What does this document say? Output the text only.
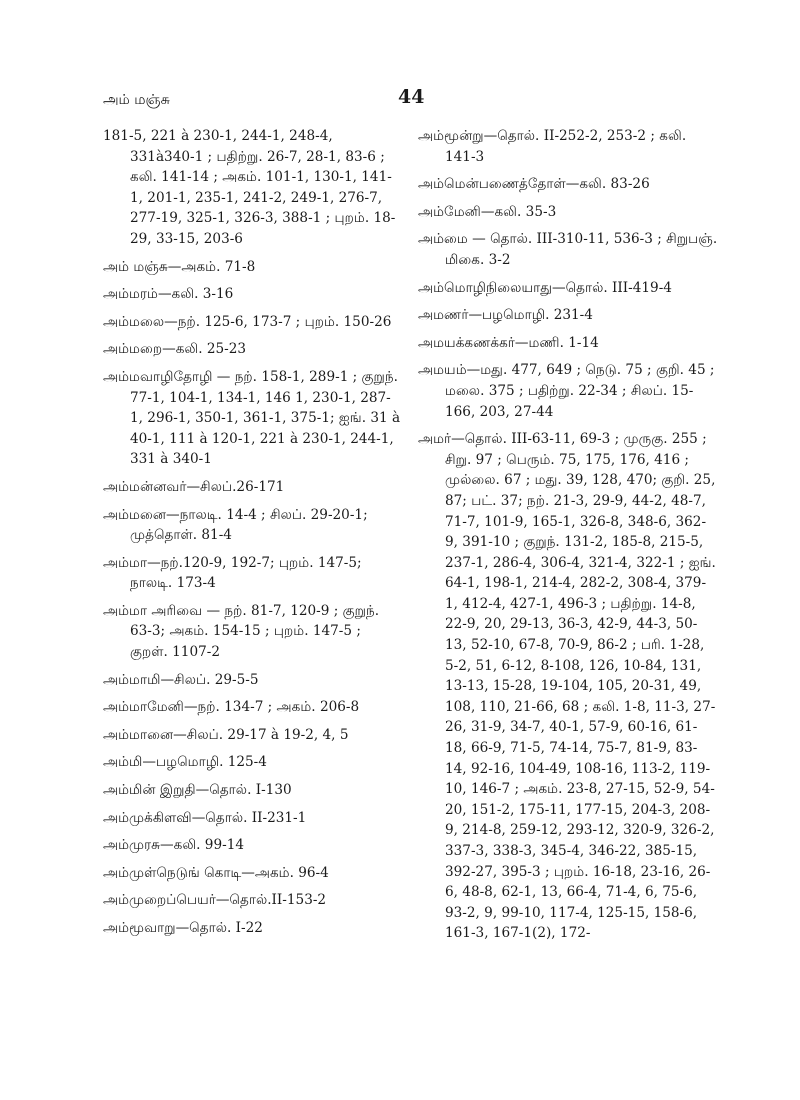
அம் மஞ்சு	44
181-5, 221 à 230-1, 244-1, 248-4, 331à340-1 ; பதிற்று. 26-7, 28-1, 83-6 ; கலி. 141-14 ; அகம். 101-1, 130-1, 141-1, 201-1, 235-1, 241-2, 249-1, 276-7, 277-19, 325-1, 326-3, 388-1 ; புறம். 18-29, 33-15, 203-6
அம் மஞ்சு—அகம். 71-8
அம்மரம்—கலி. 3-16
அம்மலை—நற். 125-6, 173-7 ; புறம். 150-26
அம்மறை—கலி. 25-23
அம்மவாழிதோழி — நற். 158-1, 289-1 ; குறுந். 77-1, 104-1, 134-1, 146 1, 230-1, 287-1, 296-1, 350-1, 361-1, 375-1; ஐங். 31 à 40-1, 111 à 120-1, 221 à 230-1, 244-1, 331 à 340-1
அம்மன்னவர்—சிலப்.26-171
அம்மனை—நாலடி. 14-4 ; சிலப். 29-20-1; முத்தொள். 81-4
அம்மா—நற்.120-9, 192-7; புறம். 147-5; நாலடி. 173-4
அம்மா அரிவை — நற். 81-7, 120-9 ; குறுந். 63-3; அகம். 154-15 ; புறம். 147-5 ; குறள். 1107-2
அம்மாமி—சிலப். 29-5-5
அம்மாமேனி—நற். 134-7 ; அகம். 206-8
அம்மானை—சிலப். 29-17 à 19-2, 4, 5
அம்மி—பழமொழி. 125-4
அம்மின் இறுதி—தொல். I-130
அம்முக்கிளவி—தொல். II-231-1
அம்முரசு—கலி. 99-14
அம்முள்நெடுங் கொடி—அகம். 96-4
அம்முறைப்பெயர்—தொல்.II-153-2
அம்மூவாறு—தொல். I-22
அம்மூன்று—தொல். II-252-2, 253-2 ; கலி. 141-3
அம்மென்பணைத்தோள்—கலி. 83-26
அம்மேனி—கலி. 35-3
அம்மை — தொல். III-310-11, 536-3 ; சிறுபஞ். மிகை. 3-2
அம்மொழிநிலையாது—தொல். III-419-4
அமணர்—பழமொழி. 231-4
அமயக்கணக்கர்—மணி. 1-14
அமயம்—மது. 477, 649 ; நெடு. 75 ; குறி. 45 ; மலை. 375 ; பதிற்று. 22-34 ; சிலப். 15-166, 203, 27-44
அமர்—தொல். III-63-11, 69-3 ; முருகு. 255 ; சிறு. 97 ; பெரும். 75, 175, 176, 416 ; முல்லை. 67 ; மது. 39, 128, 470; குறி. 25, 87; பட். 37; நற். 21-3, 29-9, 44-2, 48-7, 71-7, 101-9, 165-1, 326-8, 348-6, 362-9, 391-10 ; குறுந். 131-2, 185-8, 215-5, 237-1, 286-4, 306-4, 321-4, 322-1 ; ஐங். 64-1, 198-1, 214-4, 282-2, 308-4, 379-1, 412-4, 427-1, 496-3 ; பதிற்று. 14-8, 22-9, 20, 29-13, 36-3, 42-9, 44-3, 50-13, 52-10, 67-8, 70-9, 86-2 ; பரி. 1-28, 5-2, 51, 6-12, 8-108, 126, 10-84, 131, 13-13, 15-28, 19-104, 105, 20-31, 49, 108, 110, 21-66, 68 ; கலி. 1-8, 11-3, 27-26, 31-9, 34-7, 40-1, 57-9, 60-16, 61-18, 66-9, 71-5, 74-14, 75-7, 81-9, 83-14, 92-16, 104-49, 108-16, 113-2, 119-10, 146-7 ; அகம். 23-8, 27-15, 52-9, 54-20, 151-2, 175-11, 177-15, 204-3, 208-9, 214-8, 259-12, 293-12, 320-9, 326-2, 337-3, 338-3, 345-4, 346-22, 385-15, 392-27, 395-3 ; புறம். 16-18, 23-16, 26-6, 48-8, 62-1, 13, 66-4, 71-4, 6, 75-6, 93-2, 9, 99-10, 117-4, 125-15, 158-6, 161-3, 167-1(2), 172-
